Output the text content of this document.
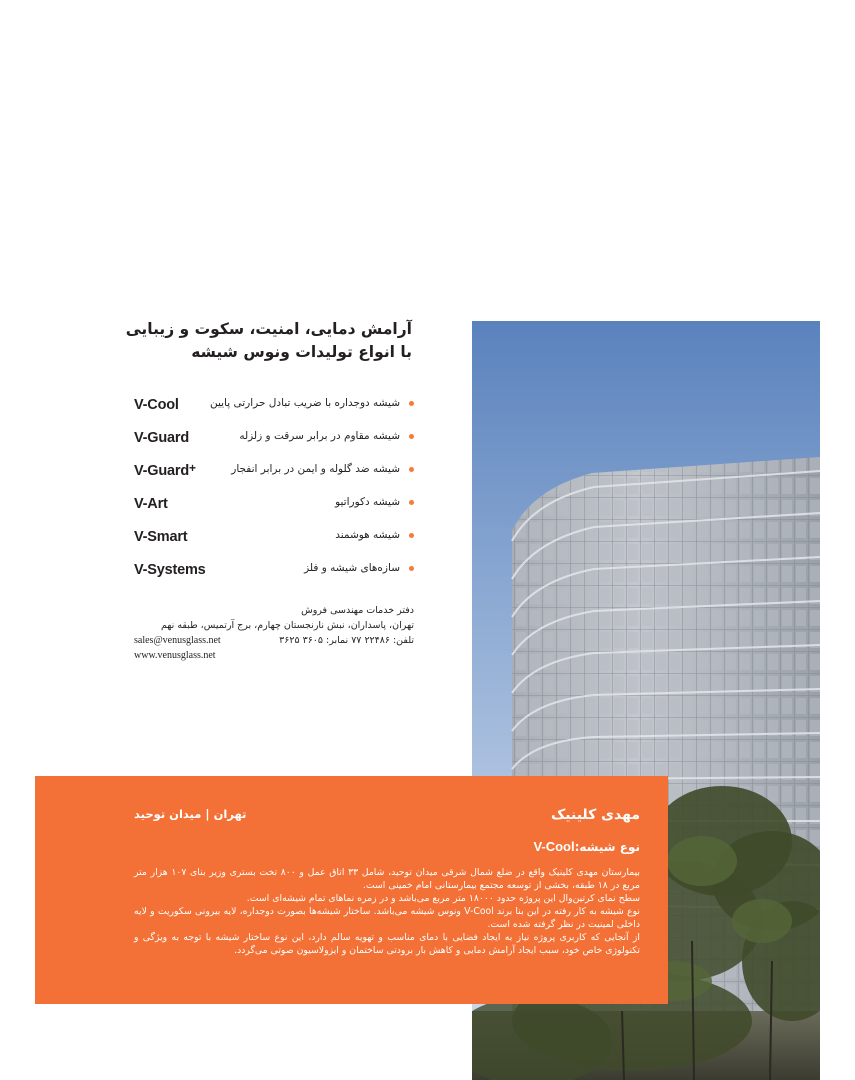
آرامش دمایی، امنیت، سکوت و زیبایی
با انواع تولیدات ونوس شیشه
V-Cool	شیشه دوجداره با ضریب تبادل حرارتی پایین
V-Guard	شیشه مقاوم در برابر سرقت و زلزله
V-Guard+	شیشه ضد گلوله و ایمن در برابر انفجار
V-Art	شیشه دکوراتیو
V-Smart	شیشه هوشمند
V-Systems	سازه‌های شیشه و فلز
دفتر خدمات مهندسی فروش
تهران، پاسداران، نبش نارنجستان چهارم، برج آرتمیس، طبقه نهم
sales@venusglass.net	تلفن: ۲۲۴۸۶ ۷۷ نمابر: ۳۶۰۵ ۳۶۲۵
www.venusglass.net
مهدی کلینیک
تهران | میدان توحید
نوع شیشه:V-Cool

بیمارستان مهدی کلینیک واقع در ضلع شمال شرقی میدان توحید، شامل ۳۳ اتاق عمل و ۸۰۰ تخت بستری وزیر بنای ۱۰۷ هزار متر مربع در ۱۸ طبقه، بخشی از توسعه مجتمع بیمارستانی امام خمینی است.

سطح نمای کرتین‌وال این پروژه حدود ۱۸۰۰۰ متر مربع می‌باشد و در زمره نماهای تمام شیشه‌ای است.

نوع شیشه به کار رفته در این بنا برند V-Cool ونوس شیشه می‌باشد. ساختار شیشه‌ها بصورت دوجداره، لایه بیرونی سکوریت و لایه داخلی لمینیت در نظر گرفته شده است.

از آنجایی که کاربری پروژه نیاز به ایجاد فضایی با دمای مناسب و تهویه سالم دارد، این نوع ساختار شیشه با توجه به ویژگی و تکنولوژی خاص خود، سبب ایجاد آرامش دمایی و کاهش بار برودتی ساختمان و ایزولاسیون صوتی می‌گردد.
